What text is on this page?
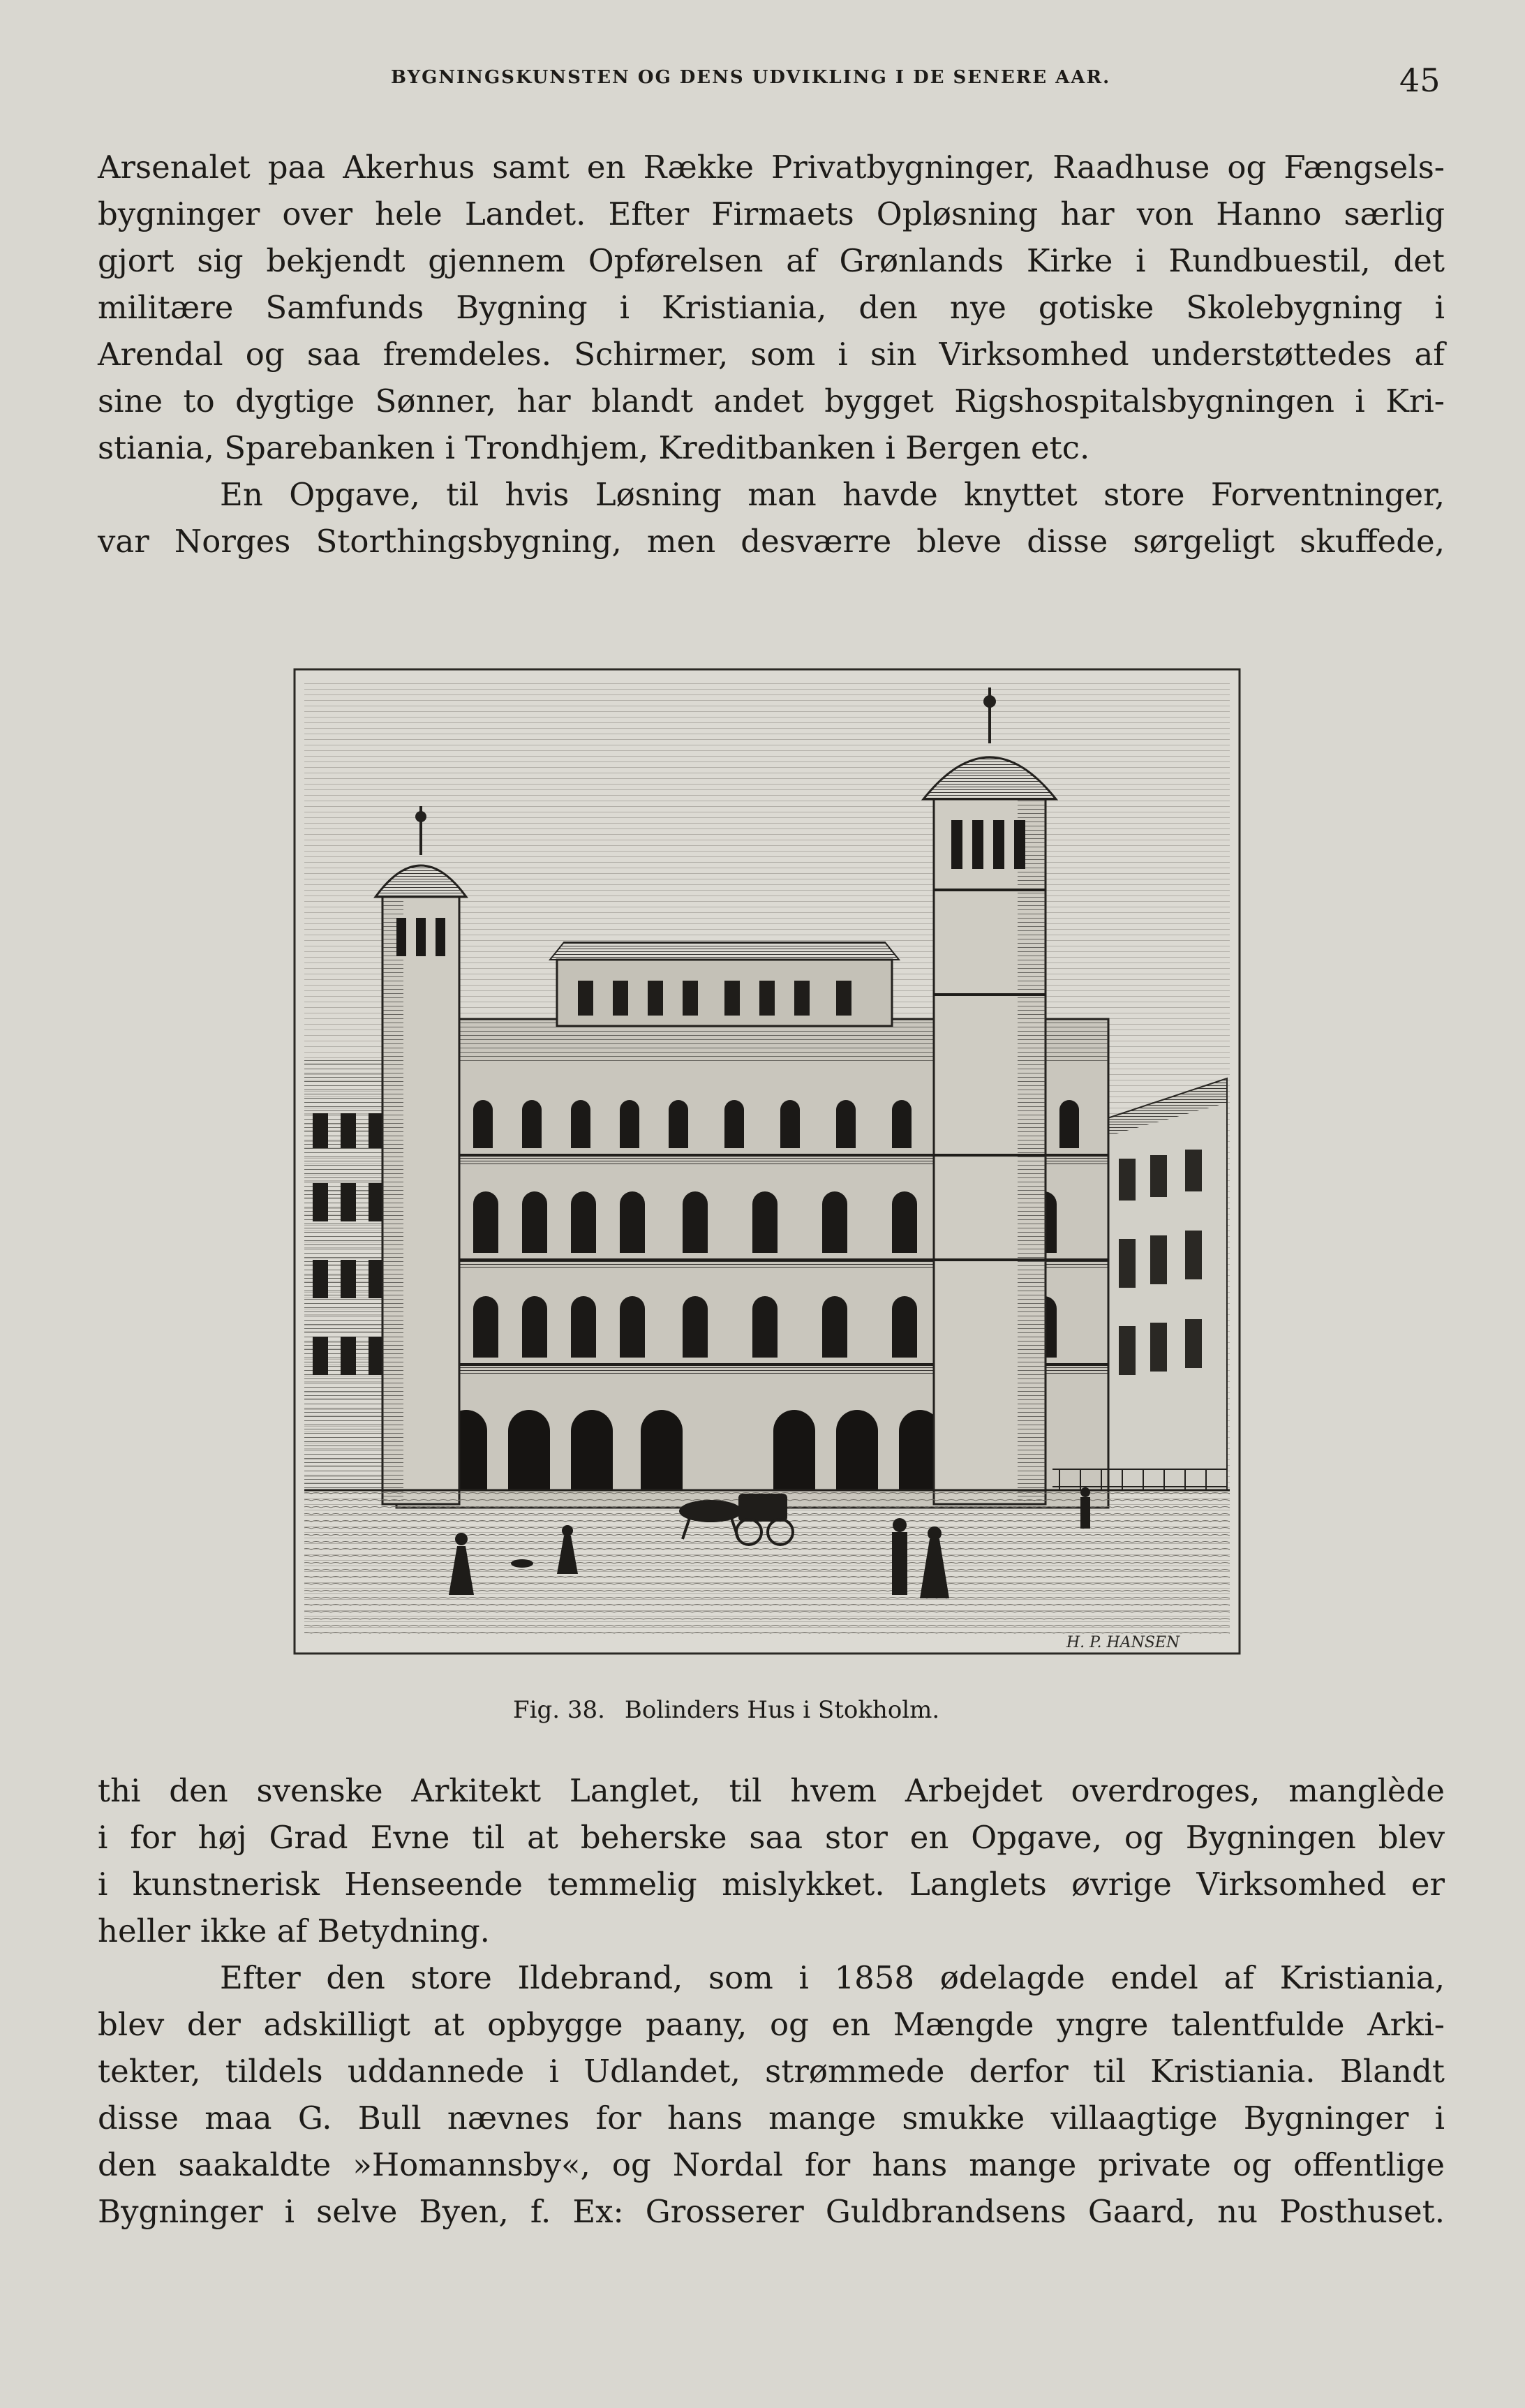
BYGNINGSKUNSTEN OG DENS UDVIKLING I DE SENERE AAR.	45
Arsenalet paa Akerhus samt en Række Privatbygninger, Raadhuse og Fængsels-
bygninger over hele Landet. Efter Firmaets Opløsning har von Hanno særlig
gjort sig bekjendt gjennem Opførelsen af Grønlands Kirke i Rundbuestil, det
militære Samfunds Bygning i Kristiania, den nye gotiske Skolebygning i
Arendal og saa fremdeles. Schirmer, som i sin Virksomhed understøttedes af
sine to dygtige Sønner, har blandt andet bygget Rigshospitalsbygningen i Kri-
stiania, Sparebanken i Trondhjem, Kreditbanken i Bergen etc.
En Opgave, til hvis Løsning man havde knyttet store Forventninger,
var Norges Storthingsbygning, men desværre bleve disse sørgeligt skuffede,
H. P. HANSEN
Fig. 38. Bolinders Hus i Stokholm.
thi den svenske Arkitekt Langlet, til hvem Arbejdet overdroges, manglède
i for høj Grad Evne til at beherske saa stor en Opgave, og Bygningen blev
i kunstnerisk Henseende temmelig mislykket. Langlets øvrige Virksomhed er
heller ikke af Betydning.
Efter den store Ildebrand, som i 1858 ødelagde endel af Kristiania,
blev der adskilligt at opbygge paany, og en Mængde yngre talentfulde Arki-
tekter, tildels uddannede i Udlandet, strømmede derfor til Kristiania. Blandt
disse maa G. Bull nævnes for hans mange smukke villaagtige Bygninger i
den saakaldte »Homannsby«, og Nordal for hans mange private og offentlige
Bygninger i selve Byen, f. Ex: Grosserer Guldbrandsens Gaard, nu Posthuset.
